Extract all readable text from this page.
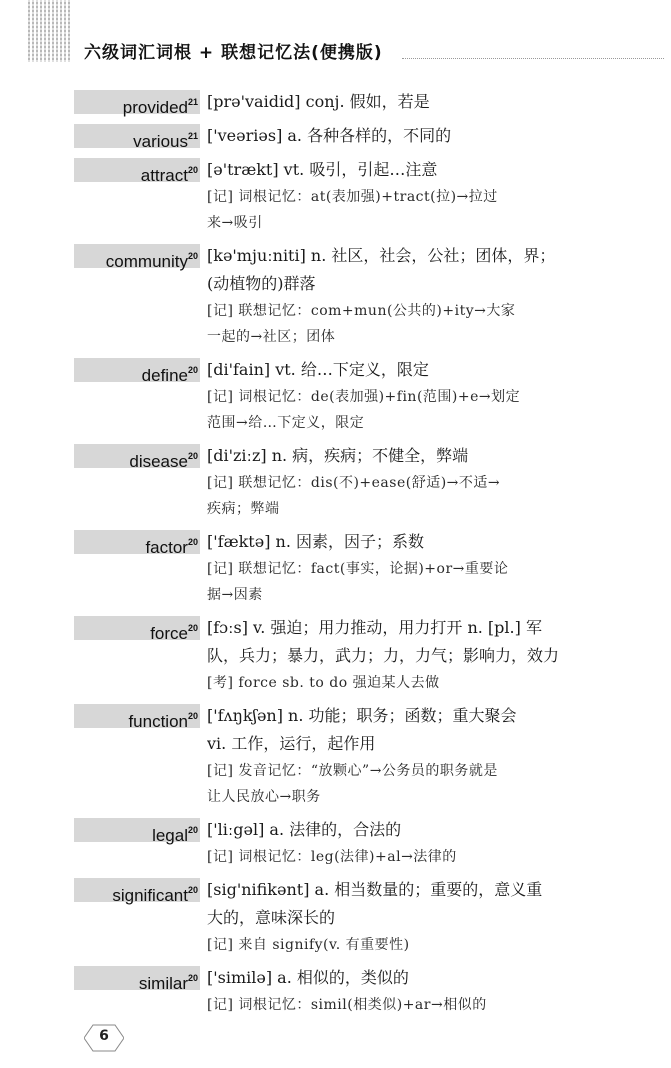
六级词汇词根 + 联想记忆法(便携版)
provided$^{21}$ [prə'vaidid] conj. 假如，若是
various$^{21}$ ['veəriəs] a. 各种各样的，不同的
attract$^{20}$ [ə'trækt] vt. 吸引，引起…注意
[记] 词根记忆：at(表加强)+tract(拉)→拉过
来→吸引
community$^{20}$ [kə'mjuːniti] n. 社区，社会，公社；团体，界；
(动植物的)群落
[记] 联想记忆：com+mun(公共的)+ity→大家
一起的→社区；团体
define$^{20}$ [di'fain] vt. 给…下定义，限定
[记] 词根记忆：de(表加强)+fin(范围)+e→划定
范围→给…下定义，限定
disease$^{20}$ [di'ziːz] n. 病，疾病；不健全，弊端
[记] 联想记忆：dis(不)+ease(舒适)→不适→
疾病；弊端
factor$^{20}$ ['fæktə] n. 因素，因子；系数
[记] 联想记忆：fact(事实，论据)+or→重要论
据→因素
force$^{20}$ [fɔːs] v. 强迫；用力推动，用力打开 n. [pl.] 军
队，兵力；暴力，武力；力，力气；影响力，效力
[考] force sb. to do 强迫某人去做
function$^{20}$ ['fʌŋkʃən] n. 功能；职务；函数；重大聚会
vi. 工作，运行，起作用
[记] 发音记忆：“放颗心”→公务员的职务就是
让人民放心→职务
legal$^{20}$ ['liːgəl] a. 法律的，合法的
[记] 词根记忆：leg(法律)+al→法律的
significant$^{20}$ [sig'nifikənt] a. 相当数量的；重要的，意义重
大的，意味深长的
[记] 来自 signify(v. 有重要性)
similar$^{20}$ ['similə] a. 相似的，类似的
[记] 词根记忆：simil(相类似)+ar→相似的
6
